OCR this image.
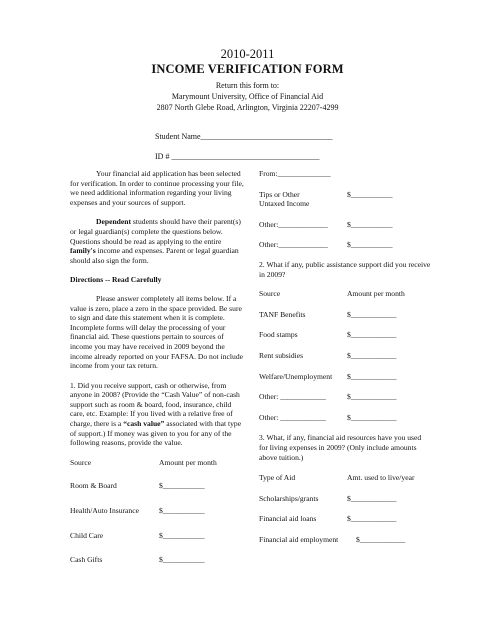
2010-2011
INCOME VERIFICATION FORM
Return this form to:
Marymount University, Office of Financial Aid
2807 North Glebe Road, Arlington, Virginia 22207-4299
Student Name_________________________________
ID # _____________________________________

Your financial aid application has been selected for verification. In order to continue processing your file, we need additional information regarding your living expenses and your sources of support.

Dependent students should have their parent(s) or legal guardian(s) complete the questions below. Questions should be read as applying to the entire family's income and expenses. Parent or legal guardian should also sign the form.

Directions -- Read Carefully

Please answer completely all items below. If a value is zero, place a zero in the space provided. Be sure to sign and date this statement when it is complete. Incomplete forms will delay the processing of your financial aid. These questions pertain to sources of income you may have received in 2009 beyond the income already reported on your FAFSA. Do not include income from your tax return.

1. Did you receive support, cash or otherwise, from anyone in 2008? (Provide the “Cash Value” of non-cash support such as room & board, food, insurance, child care, etc. Example: If you lived with a relative free of charge, there is a “cash value” associated with that type of support.) If money was given to you for any of the following reasons, provide the value.

Source	Amount per month
Room & Board	$___________
Health/Auto Insurance	$___________
Child Care	$___________
Cash Gifts	$___________
From:______________
Tips or Other	$___________
Untaxed Income
Other:_____________	$___________
Other:_____________	$___________

2. What if any, public assistance support did you receive in 2009?

Source	Amount per month
TANF Benefits	$____________
Food stamps	$____________
Rent subsidies	$____________
Welfare/Unemployment $____________
Other: ____________	$____________
Other: ____________	$____________

3. What, if any, financial aid resources have you used for living expenses in 2009? (Only include amounts above tuition.)

Type of Aid	Amt. used to live/year
Scholarships/grants	$____________
Financial aid loans	$____________
Financial aid employment $____________
